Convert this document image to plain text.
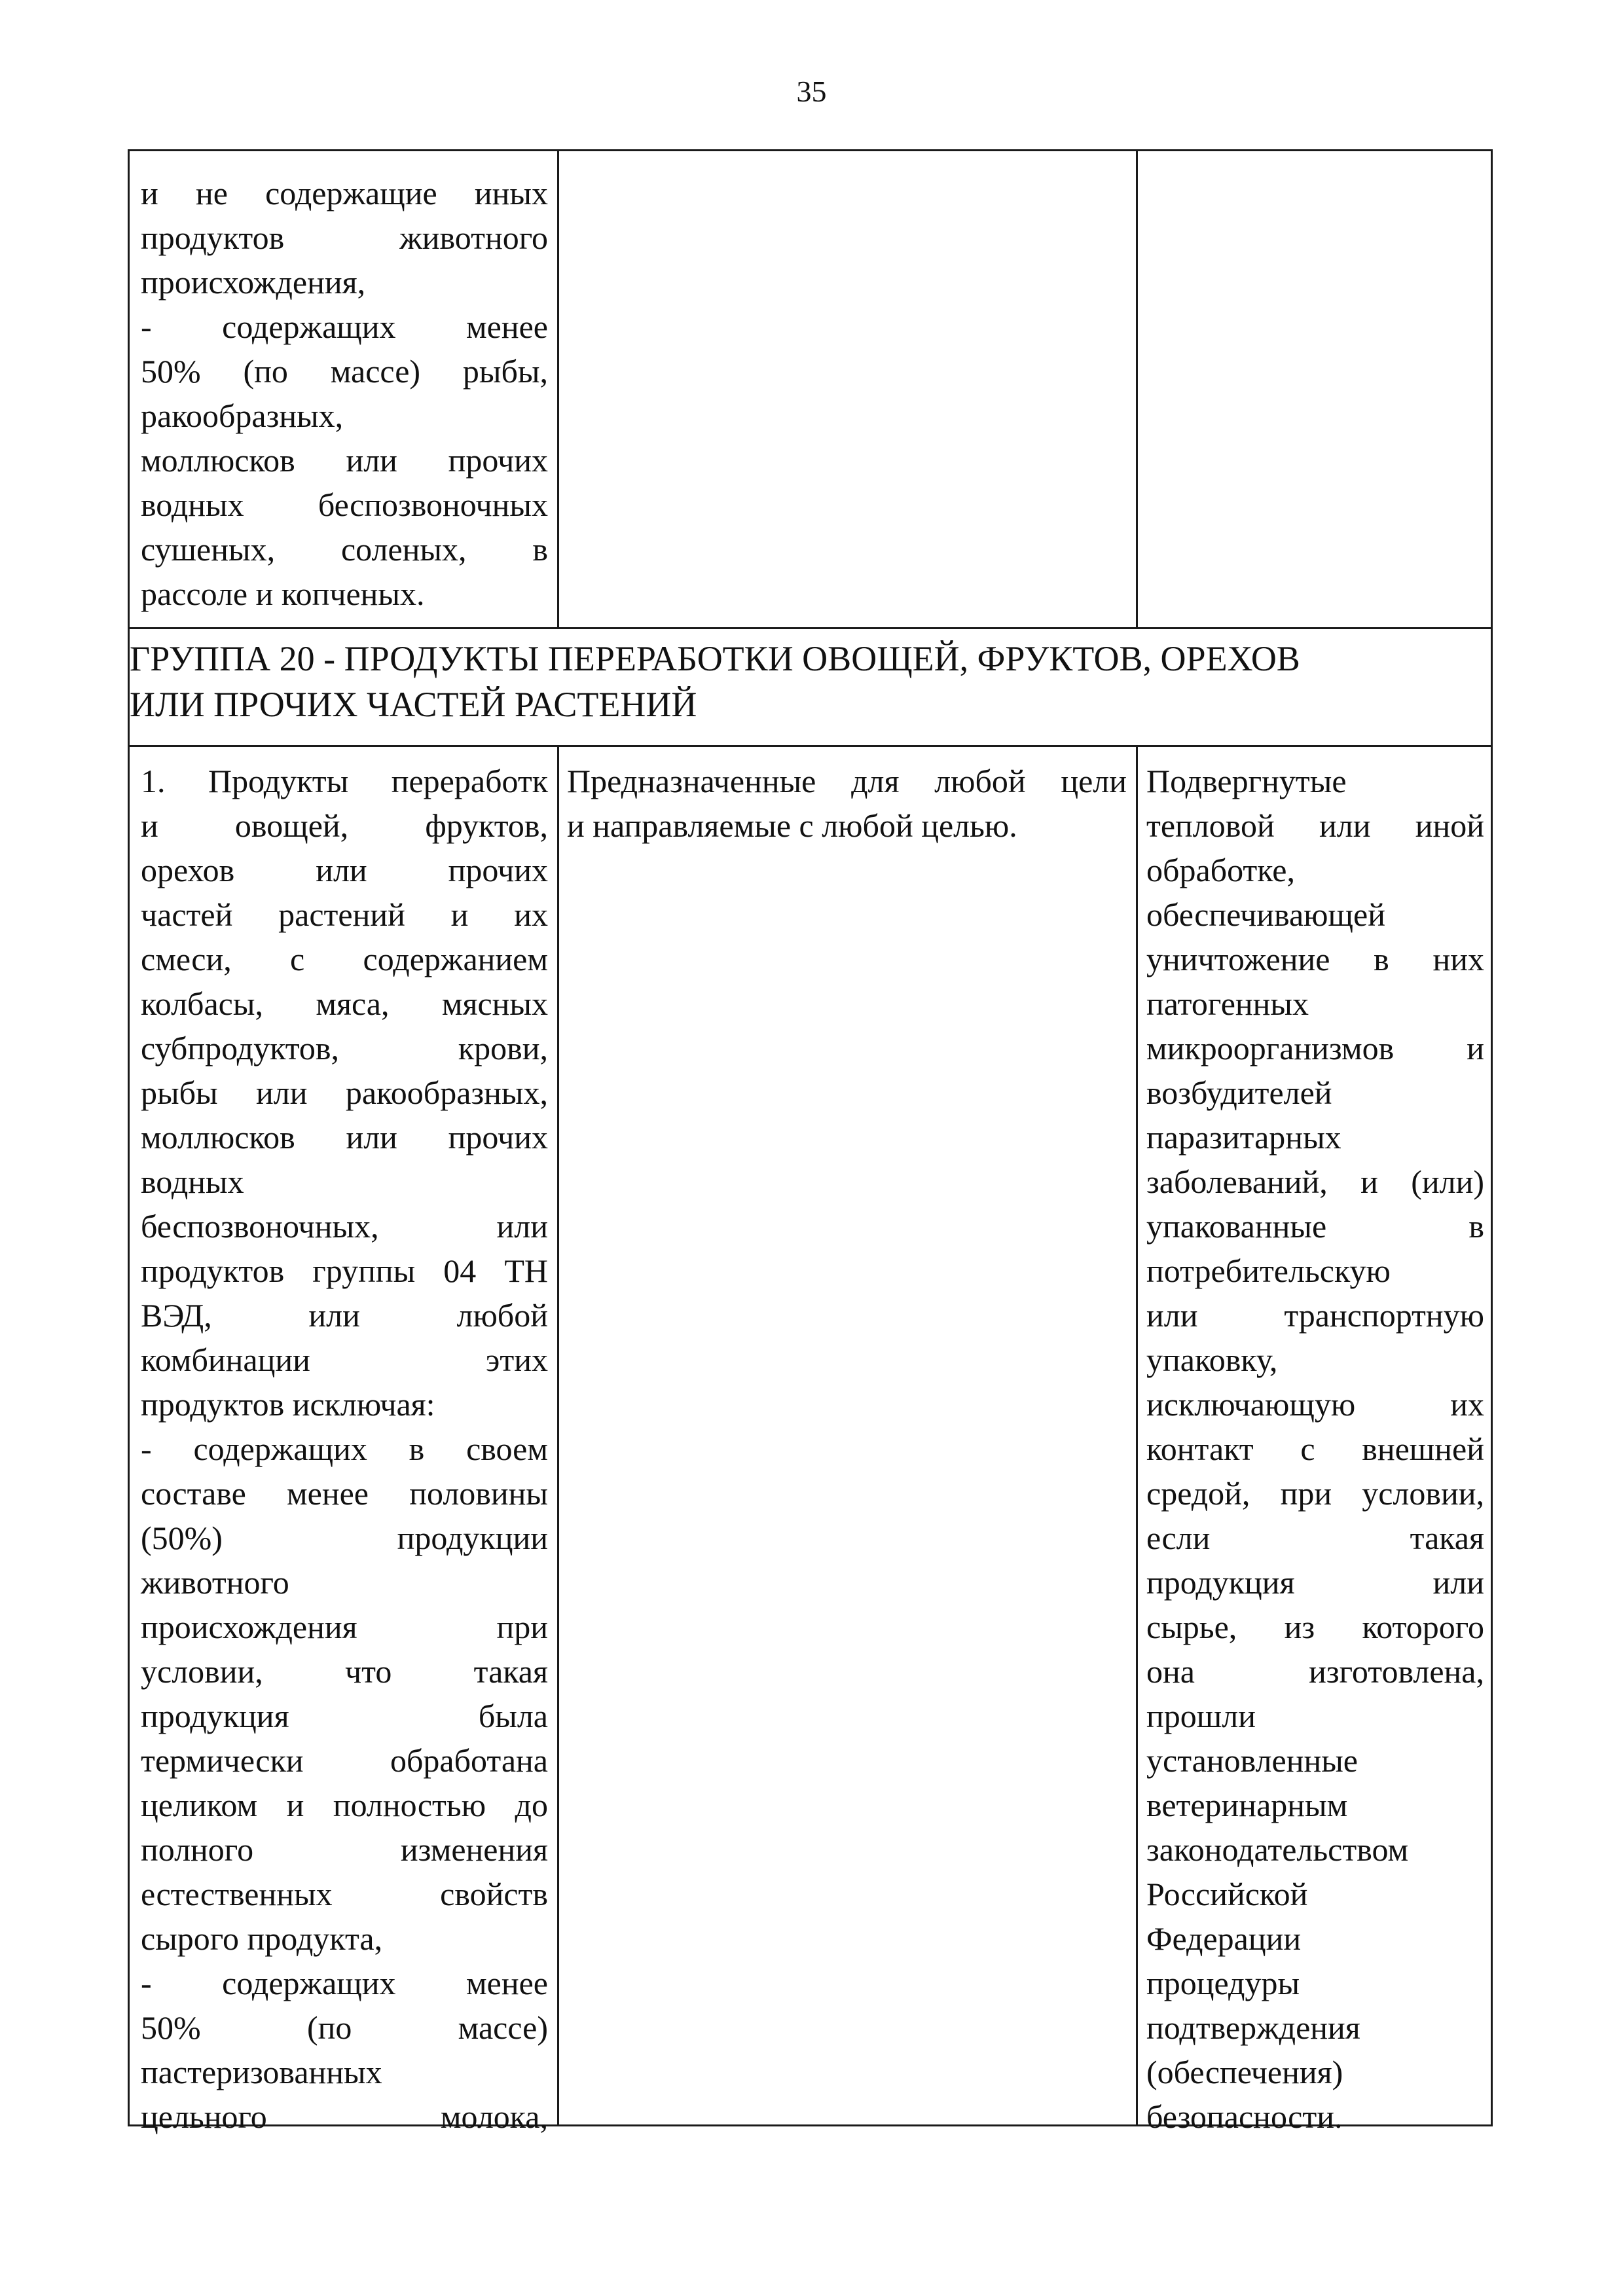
35
и не содержащие иных
продуктов животного
происхождения,
- содержащих менее
50% (по массе) рыбы,
ракообразных,
моллюсков или прочих
водных беспозвоночных
сушеных, соленых, в
рассоле и копченых.
ГРУППА 20 - ПРОДУКТЫ ПЕРЕРАБОТКИ ОВОЩЕЙ, ФРУКТОВ, ОРЕХОВ
ИЛИ ПРОЧИХ ЧАСТЕЙ РАСТЕНИЙ
1. Продукты переработк
и овощей, фруктов,
орехов или прочих
частей растений и их
смеси, с содержанием
колбасы, мяса, мясных
субпродуктов, крови,
рыбы или ракообразных,
моллюсков или прочих
водных
беспозвоночных, или
продуктов группы 04 ТН
ВЭД, или любой
комбинации этих
продуктов исключая:
- содержащих в своем
составе менее половины
(50%) продукции
животного
происхождения при
условии, что такая
продукция была
термически обработана
целиком и полностью до
полного изменения
естественных свойств
сырого продукта,
- содержащих менее
50% (по массе)
пастеризованных
цельного молока,
Предназначенные для любой цели
и направляемые с любой целью.
Подвергнутые
тепловой или иной
обработке,
обеспечивающей
уничтожение в них
патогенных
микроорганизмов и
возбудителей
паразитарных
заболеваний, и (или)
упакованные в
потребительскую
или транспортную
упаковку,
исключающую их
контакт с внешней
средой, при условии,
если такая
продукция или
сырье, из которого
она изготовлена,
прошли
установленные
ветеринарным
законодательством
Российской
Федерации
процедуры
подтверждения
(обеспечения)
безопасности.
